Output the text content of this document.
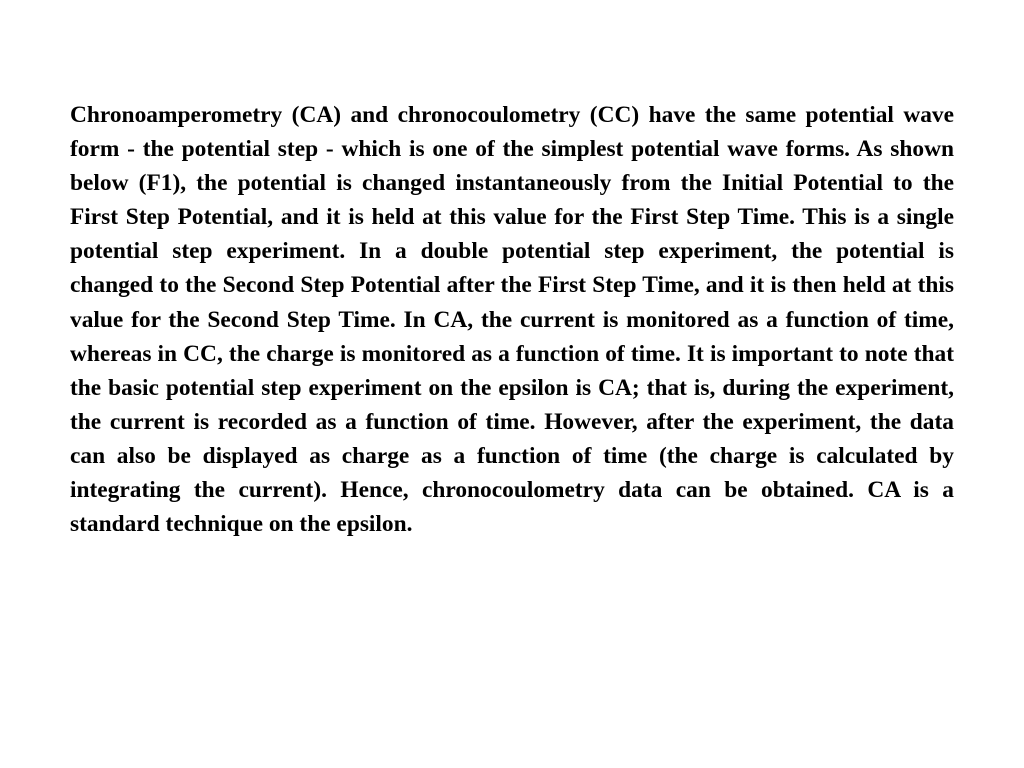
Chronoamperometry (CA) and chronocoulometry (CC) have the same potential wave form - the potential step - which is one of the simplest potential wave forms. As shown below (F1), the potential is changed instantaneously from the Initial Potential to the First Step Potential, and it is held at this value for the First Step Time. This is a single potential step experiment. In a double potential step experiment, the potential is changed to the Second Step Potential after the First Step Time, and it is then held at this value for the Second Step Time. In CA, the current is monitored as a function of time, whereas in CC, the charge is monitored as a function of time. It is important to note that the basic potential step experiment on the epsilon is CA; that is, during the experiment, the current is recorded as a function of time. However, after the experiment, the data can also be displayed as charge as a function of time (the charge is calculated by integrating the current). Hence, chronocoulometry data can be obtained. CA is a standard technique on the epsilon.
